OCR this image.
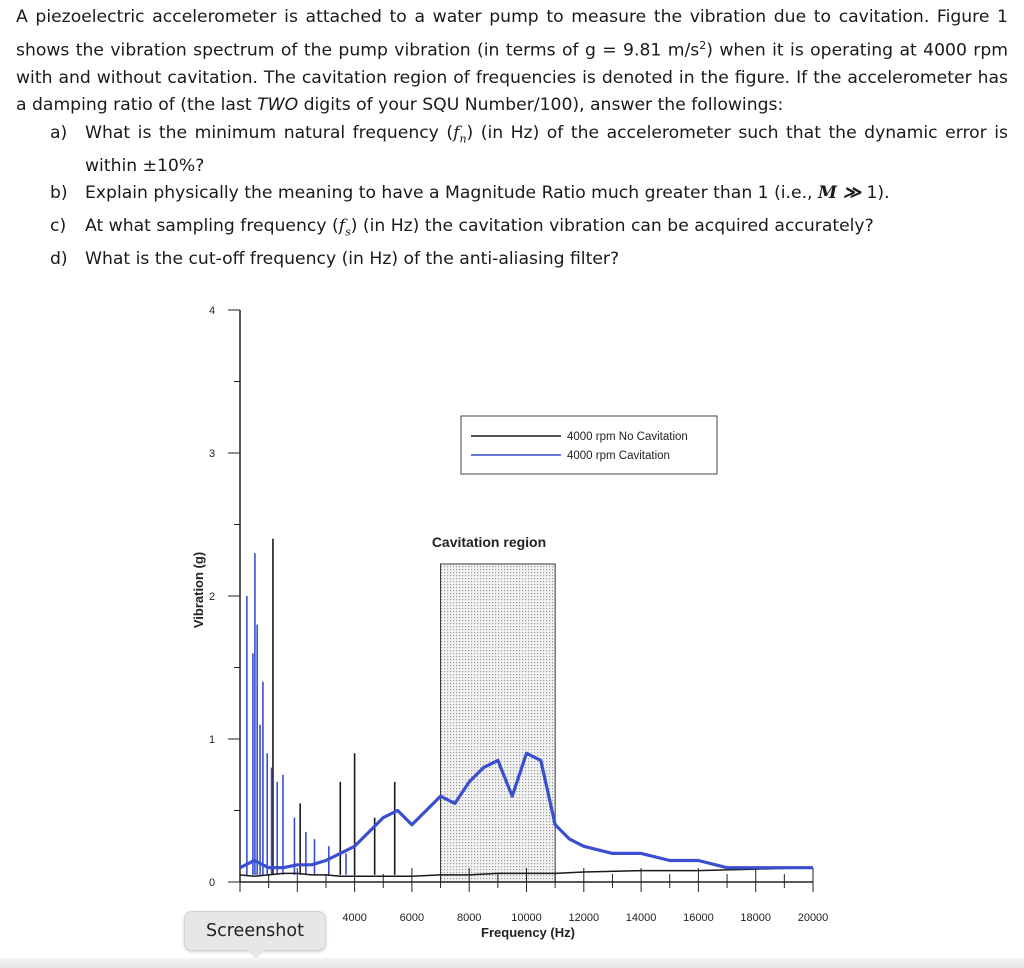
A piezoelectric accelerometer is attached to a water pump to measure the vibration due to cavitation. Figure 1 shows the vibration spectrum of the pump vibration (in terms of g = 9.81 $m/s^2$) when it is operating at 4000 rpm with and without cavitation. The cavitation region of frequencies is denoted in the figure. If the accelerometer has a damping ratio of (the last TWO digits of your SQU Number/100), answer the followings:

a) What is the minimum natural frequency $(f_n)$ (in Hz) of the accelerometer such that the dynamic error is within ±10%?
b) Explain physically the meaning to have a Magnitude Ratio much greater than 1 (i.e., M ≫ 1).
c) At what sampling frequency $(f_s)$ (in Hz) the cavitation vibration can be acquired accurately?
d) What is the cut-off frequency (in Hz) of the anti-aliasing filter?
0
1
2
3
4
4000	6000	8000	10000 12000 14000 16000 18000 20000
4000 rpm No Cavitation
4000 rpm Cavitation
Vibration (g)
Frequency (Hz)
Cavitation region
Screenshot
